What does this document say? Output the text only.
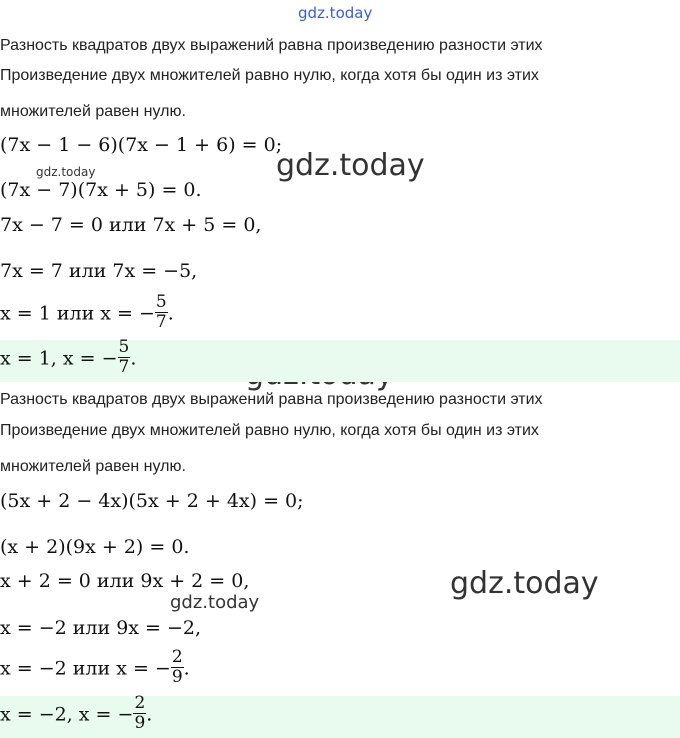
gdz.today
gdz.today
gdz.today
gdz.today
gdz.today
Разность квадратов двух выражений равна произведению разности этих
Произведение двух множителей равно нулю, когда хотя бы один из этих
множителей равен нулю.
(7x − 1 − 6)(7x − 1 + 6) = 0;
(7x − 7)(7x + 5) = 0.
7x − 7 = 0 или 7x + 5 = 0,
7x = 7 или 7x = −5,
x = 1 или x = − $\frac{5}{7}$ .
x = 1, x = − $\frac{5}{7}$ .
Разность квадратов двух выражений равна произведению разности этих
Произведение двух множителей равно нулю, когда хотя бы один из этих
множителей равен нулю.
(5x + 2 − 4x)(5x + 2 + 4x) = 0;
(x + 2)(9x + 2) = 0.
x + 2 = 0 или 9x + 2 = 0,
x = −2 или 9x = −2,
x = −2 или x = − $\frac{2}{9}$ .
x = −2, x = − $\frac{2}{9}$ .
